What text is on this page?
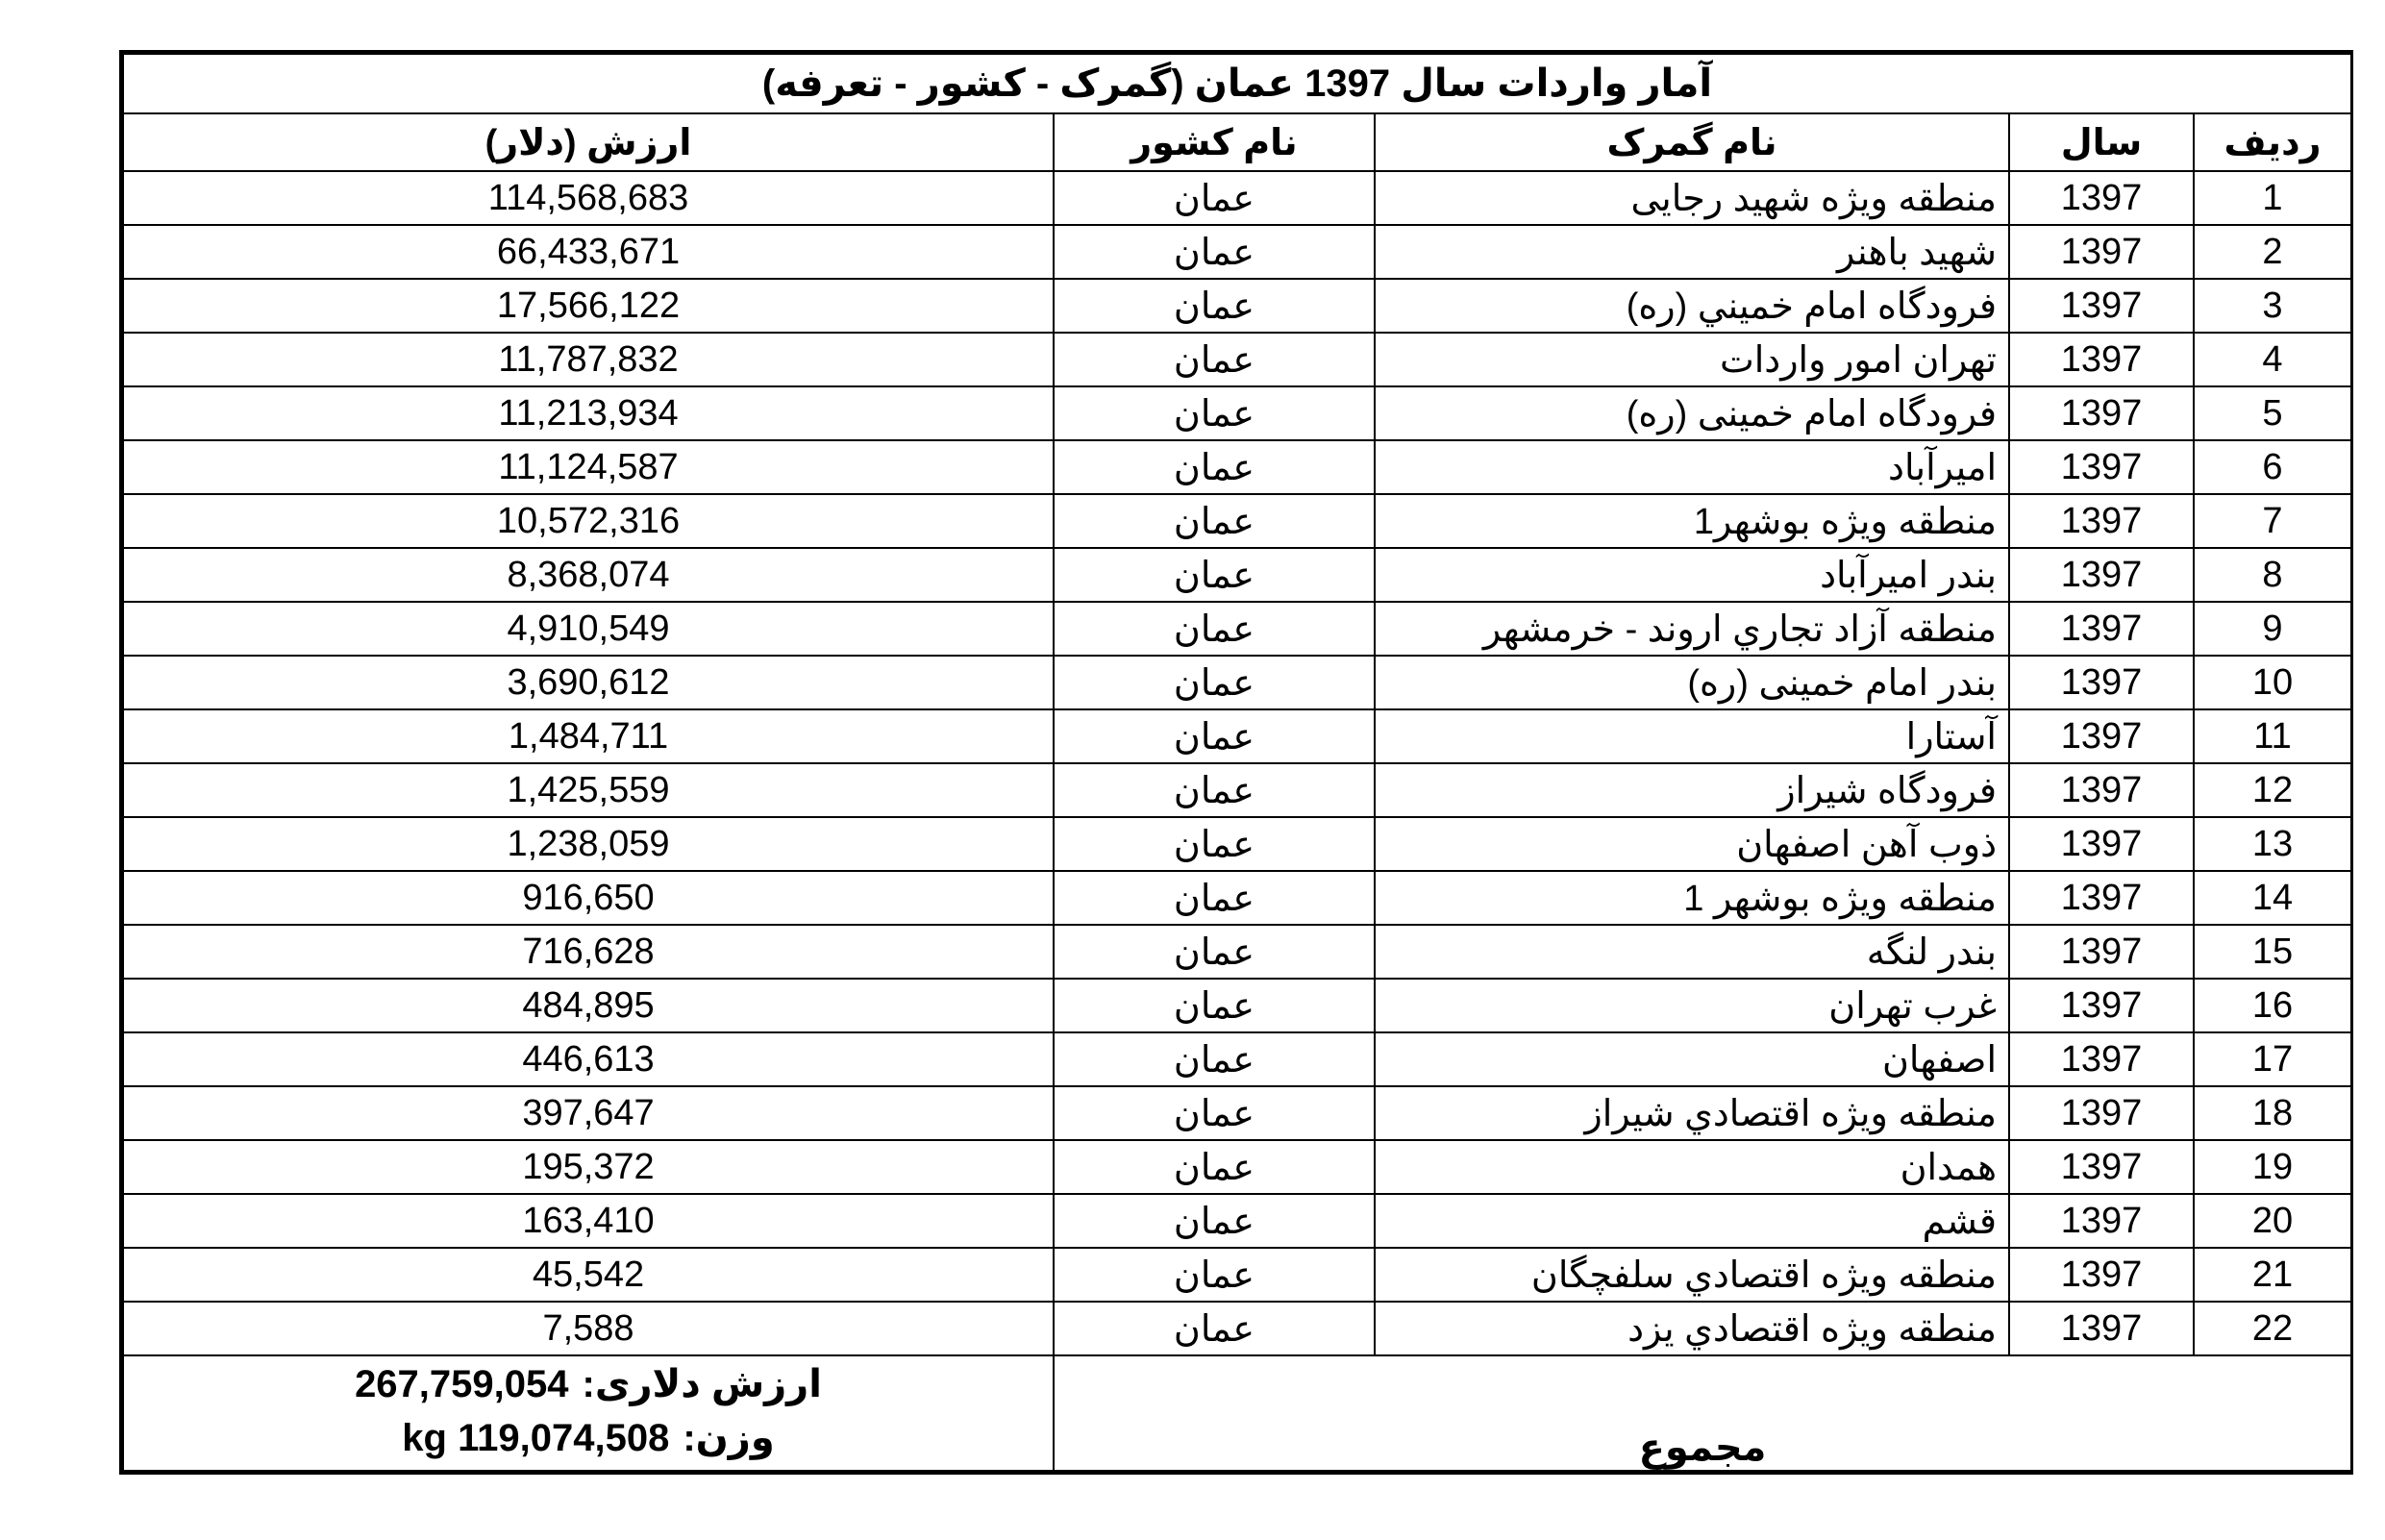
آمار واردات سال 1397 عمان (گمرک - کشور - تعرفه)				
ارزش (دلار)	نام کشور	نام گمرک	سال	رديف
114,568,683	عمان	منطقه ويژه شهيد رجايی	1397	1
66,433,671	عمان	شهيد باهنر	1397	2
17,566,122	عمان	فرودگاه امام خميني (ره)	1397	3
11,787,832	عمان	تهران امور واردات	1397	4
11,213,934	عمان	فرودگاه امام خمينی (ره)	1397	5
11,124,587	عمان	اميرآباد	1397	6
10,572,316	عمان	منطقه ويژه بوشهر1	1397	7
8,368,074	عمان	بندر اميرآباد	1397	8
4,910,549	عمان	منطقه آزاد تجاري اروند - خرمشهر	1397	9
3,690,612	عمان	بندر امام خمينی (ره)	1397	10
1,484,711	عمان	آستارا	1397	11
1,425,559	عمان	فرودگاه شيراز	1397	12
1,238,059	عمان	ذوب آهن اصفهان	1397	13
916,650	عمان	منطقه ويژه بوشهر 1	1397	14
716,628	عمان	بندر لنگه	1397	15
484,895	عمان	غرب تهران	1397	16
446,613	عمان	اصفهان	1397	17
397,647	عمان	منطقه ويژه اقتصادي شيراز	1397	18
195,372	عمان	همدان	1397	19
163,410	عمان	قشم	1397	20
45,542	عمان	منطقه ويژه اقتصادي سلفچگان	1397	21
7,588	عمان	منطقه ويژه اقتصادي يزد	1397	22

ارزش دلاری:
267,759,054
وزن:
kg 119,074,508	مجموع			
